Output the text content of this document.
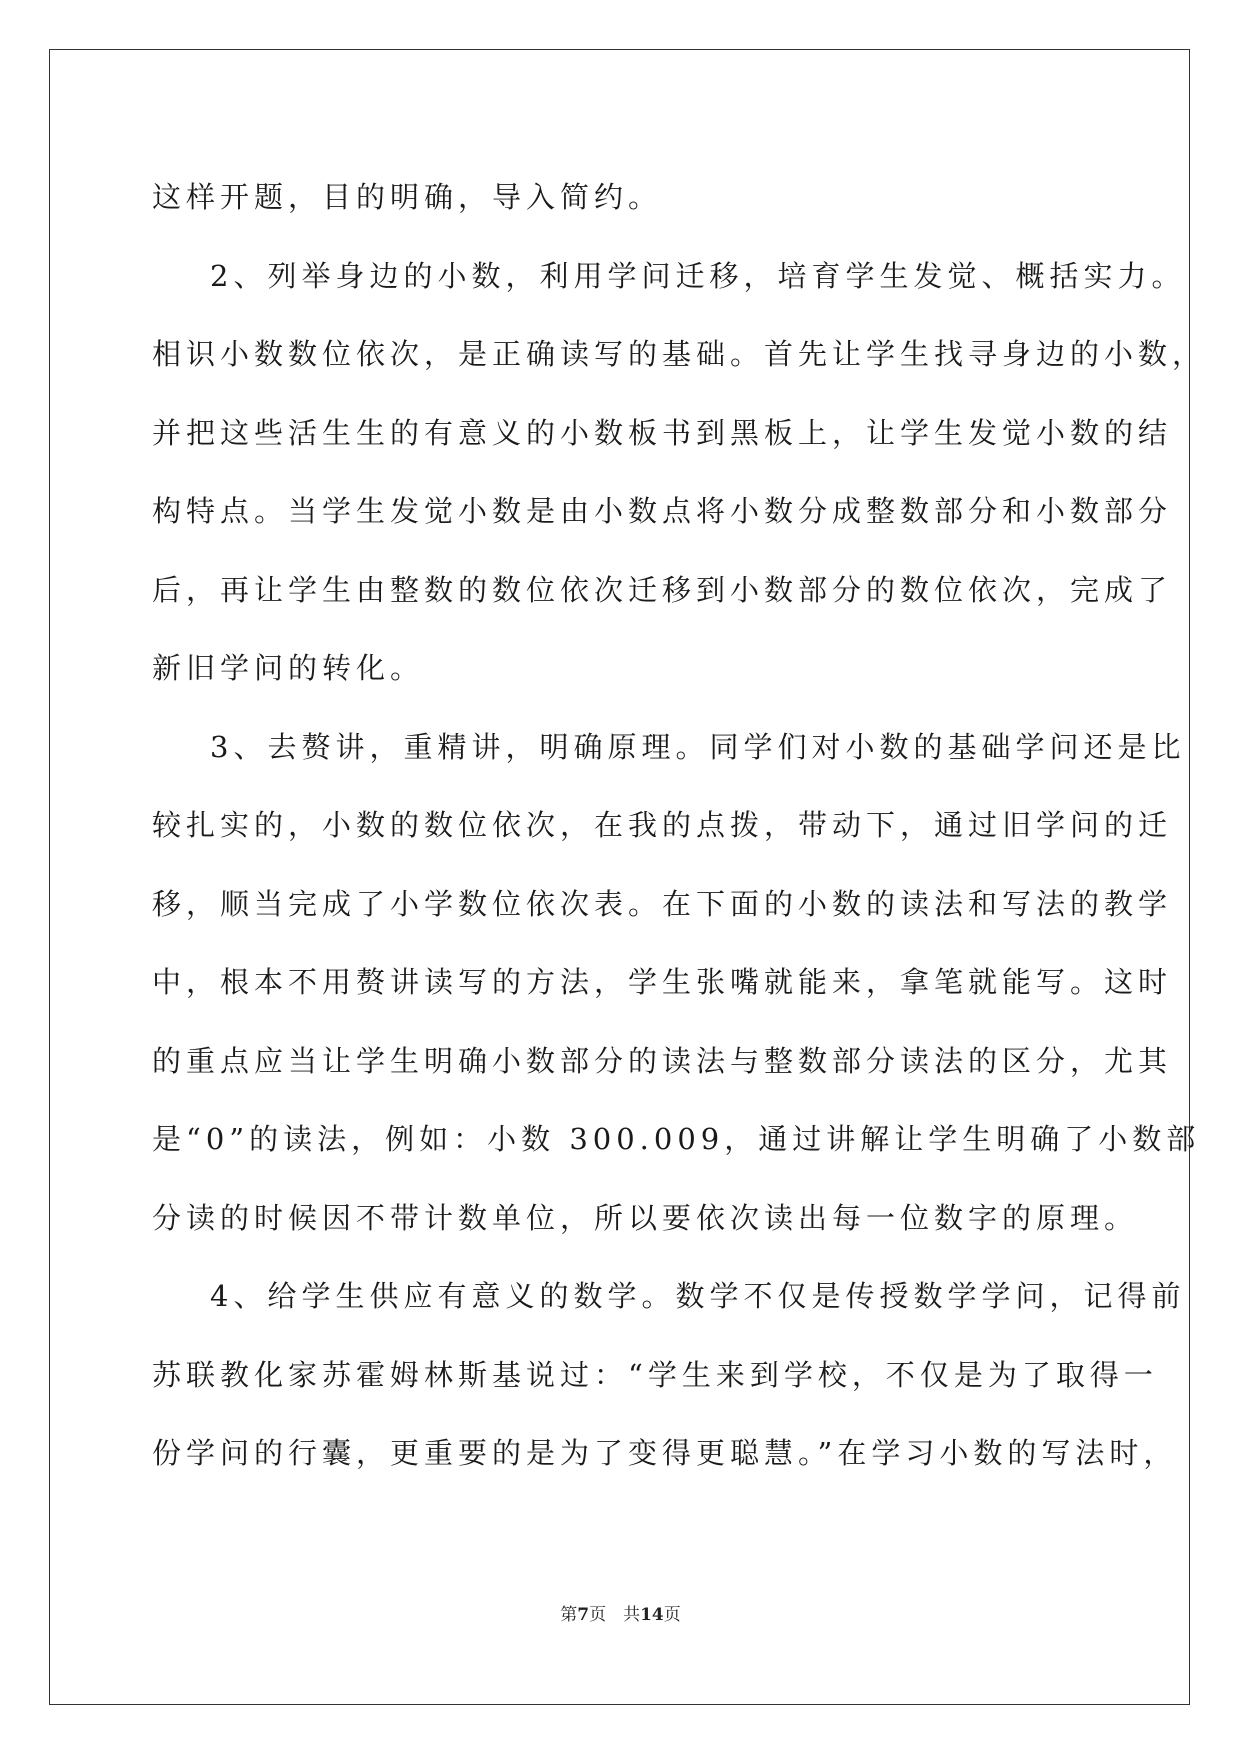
这样开题，目的明确，导入简约。
2、列举身边的小数，利用学问迁移，培育学生发觉、概括实力。
相识小数数位依次，是正确读写的基础。首先让学生找寻身边的小数，
并把这些活生生的有意义的小数板书到黑板上，让学生发觉小数的结
构特点。当学生发觉小数是由小数点将小数分成整数部分和小数部分
后，再让学生由整数的数位依次迁移到小数部分的数位依次，完成了
新旧学问的转化。
3、去赘讲，重精讲，明确原理。同学们对小数的基础学问还是比
较扎实的，小数的数位依次，在我的点拨，带动下，通过旧学问的迁
移，顺当完成了小学数位依次表。在下面的小数的读法和写法的教学
中，根本不用赘讲读写的方法，学生张嘴就能来，拿笔就能写。这时
的重点应当让学生明确小数部分的读法与整数部分读法的区分，尤其
是“0”的读法，例如：小数 300.009，通过讲解让学生明确了小数部
分读的时候因不带计数单位，所以要依次读出每一位数字的原理。
4、给学生供应有意义的数学。数学不仅是传授数学学问，记得前
苏联教化家苏霍姆林斯基说过：“学生来到学校，不仅是为了取得一
份学问的行囊，更重要的是为了变得更聪慧。”在学习小数的写法时，
第7页　共14页
